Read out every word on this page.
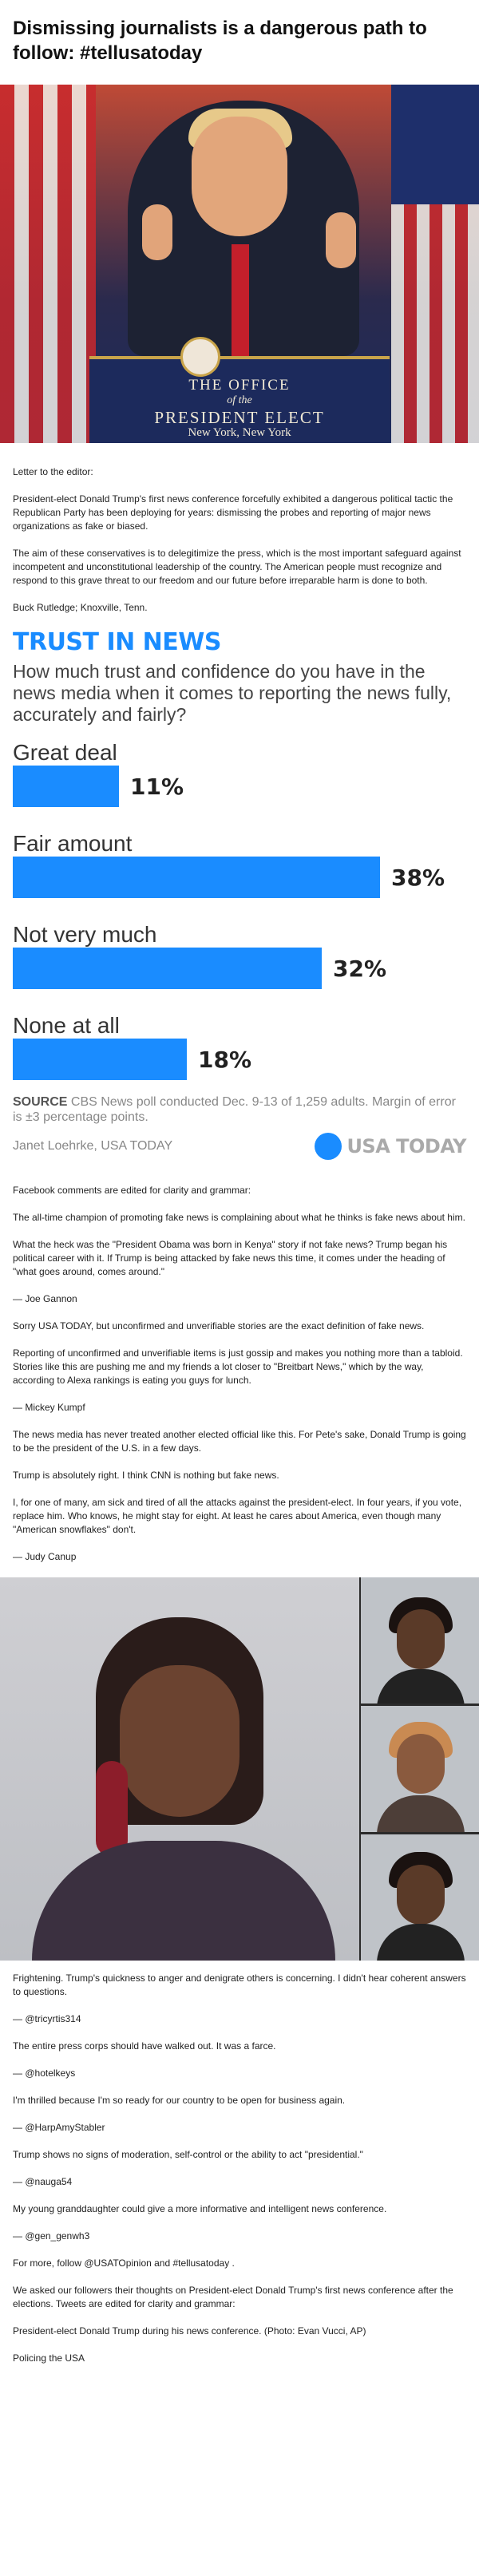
Dismissing journalists is a dangerous path to follow: #tellusatoday
THE OFFICE
of the
PRESIDENT ELECT
New York, New York

Letter to the editor:

President-elect Donald Trump's first news conference forcefully exhibited a dangerous political tactic the Republican Party has been deploying for years: dismissing the probes and reporting of major news organizations as fake or biased.

The aim of these conservatives is to delegitimize the press, which is the most important safeguard against incompetent and unconstitutional leadership of the country. The American people must recognize and respond to this grave threat to our freedom and our future before irreparable harm is done to both.

Buck Rutledge; Knoxville, Tenn.

TRUST IN NEWS
How much trust and confidence do you have in the news media when it comes to reporting the news fully, accurately and fairly?
Great deal
11%
Fair amount
38%
Not very much
32%
None at all
18%
SOURCE CBS News poll conducted Dec. 9-13 of 1,259 adults. Margin of error is ±3 percentage points.
Janet Loehrke, USA TODAY	USA TODAY

Facebook comments are edited for clarity and grammar:

The all-time champion of promoting fake news is complaining about what he thinks is fake news about him.

What the heck was the "President Obama was born in Kenya" story if not fake news? Trump began his political career with it. If Trump is being attacked by fake news this time, it comes under the heading of "what goes around, comes around."

— Joe Gannon

Sorry USA TODAY, but unconfirmed and unverifiable stories are the exact definition of fake news.

Reporting of unconfirmed and unverifiable items is just gossip and makes you nothing more than a tabloid. Stories like this are pushing me and my friends a lot closer to "Breitbart News," which by the way, according to Alexa rankings is eating you guys for lunch.

— Mickey Kumpf

The news media has never treated another elected official like this. For Pete's sake, Donald Trump is going to be the president of the U.S. in a few days.

Trump is absolutely right. I think CNN is nothing but fake news.

I, for one of many, am sick and tired of all the attacks against the president-elect. In four years, if you vote, replace him. Who knows, he might stay for eight. At least he cares about America, even though many "American snowflakes" don't.

— Judy Canup

Frightening. Trump's quickness to anger and denigrate others is concerning. I didn't hear coherent answers to questions.

— @tricyrtis314

The entire press corps should have walked out. It was a farce.

— @hotelkeys

I'm thrilled because I'm so ready for our country to be open for business again.

— @HarpAmyStabler

Trump shows no signs of moderation, self-control or the ability to act "presidential."

— @nauga54

My young granddaughter could give a more informative and intelligent news conference.

— @gen_genwh3

For more, follow @USATOpinion and #tellusatoday .

We asked our followers their thoughts on President-elect Donald Trump's first news conference after the elections. Tweets are edited for clarity and grammar:

President-elect Donald Trump during his news conference. (Photo: Evan Vucci, AP)

Policing the USA
